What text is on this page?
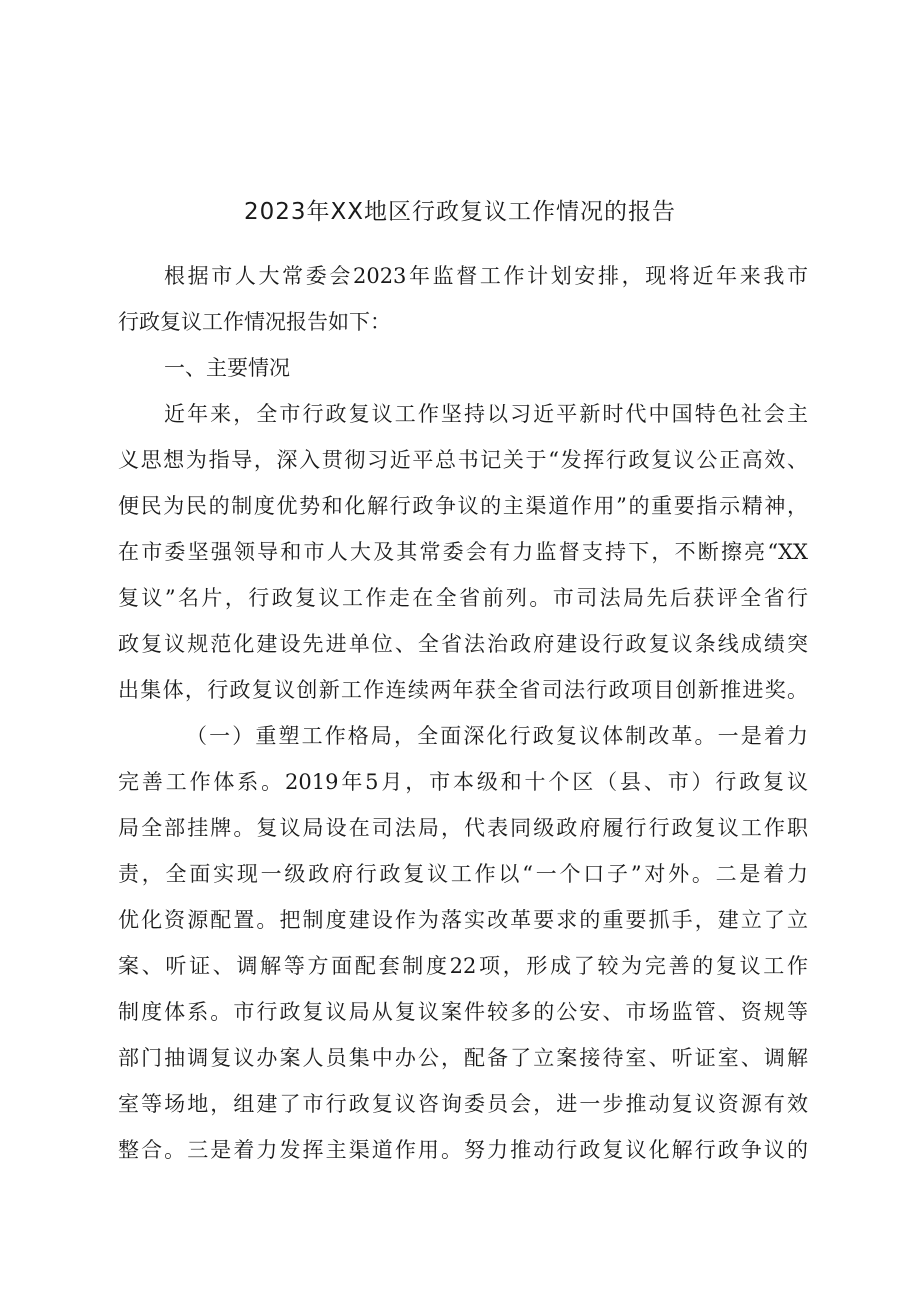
2023年XX地区行政复议工作情况的报告
根据市人大常委会2023年监督工作计划安排，现将近年来我市
行政复议工作情况报告如下：
一、主要情况
近年来，全市行政复议工作坚持以习近平新时代中国特色社会主
义思想为指导，深入贯彻习近平总书记关于“发挥行政复议公正高效、
便民为民的制度优势和化解行政争议的主渠道作用”的重要指示精神，
在市委坚强领导和市人大及其常委会有力监督支持下，不断擦亮“XX
复议”名片，行政复议工作走在全省前列。市司法局先后获评全省行
政复议规范化建设先进单位、全省法治政府建设行政复议条线成绩突
出集体，行政复议创新工作连续两年获全省司法行政项目创新推进奖。
（一）重塑工作格局，全面深化行政复议体制改革。一是着力
完善工作体系。2019年5月，市本级和十个区（县、市）行政复议
局全部挂牌。复议局设在司法局，代表同级政府履行行政复议工作职
责，全面实现一级政府行政复议工作以“一个口子”对外。二是着力
优化资源配置。把制度建设作为落实改革要求的重要抓手，建立了立
案、听证、调解等方面配套制度22项，形成了较为完善的复议工作
制度体系。市行政复议局从复议案件较多的公安、市场监管、资规等
部门抽调复议办案人员集中办公，配备了立案接待室、听证室、调解
室等场地，组建了市行政复议咨询委员会，进一步推动复议资源有效
整合。三是着力发挥主渠道作用。努力推动行政复议化解行政争议的
